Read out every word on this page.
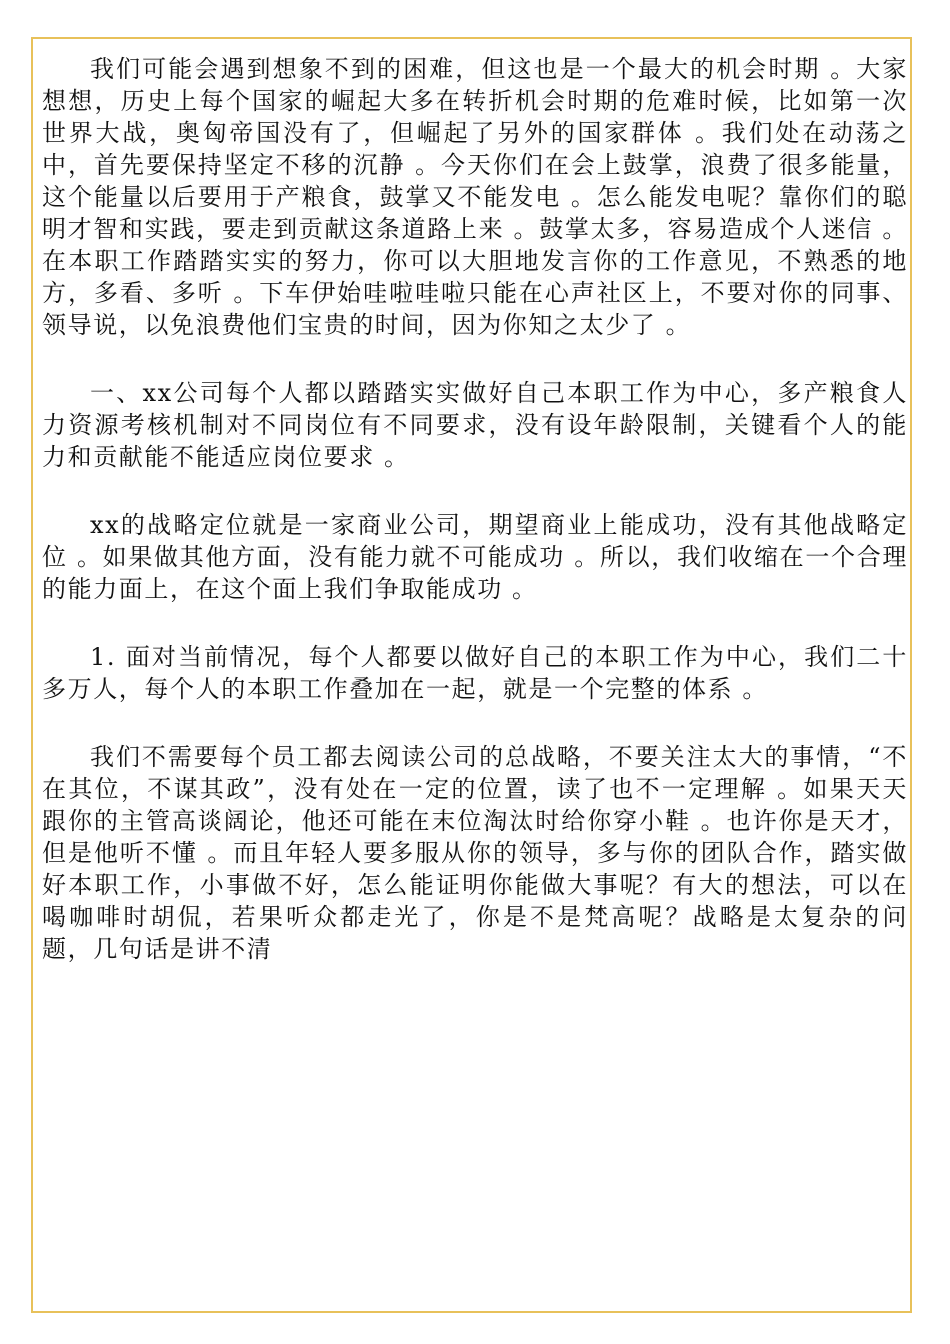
我们可能会遇到想象不到的困难，但这也是一个最大的机会时期 。大家想想，历史上每个国家的崛起大多在转折机会时期的危难时候，比如第一次世界大战，奥匈帝国没有了，但崛起了另外的国家群体 。我们处在动荡之中，首先要保持坚定不移的沉静 。今天你们在会上鼓掌，浪费了很多能量，这个能量以后要用于产粮食，鼓掌又不能发电 。怎么能发电呢？靠你们的聪明才智和实践，要走到贡献这条道路上来 。鼓掌太多，容易造成个人迷信 。在本职工作踏踏实实的努力，你可以大胆地发言你的工作意见，不熟悉的地方，多看、多听 。下车伊始哇啦哇啦只能在心声社区上，不要对你的同事、领导说，以免浪费他们宝贵的时间，因为你知之太少了 。

一、xx公司每个人都以踏踏实实做好自己本职工作为中心，多产粮食人力资源考核机制对不同岗位有不同要求，没有设年龄限制，关键看个人的能力和贡献能不能适应岗位要求 。

xx的战略定位就是一家商业公司，期望商业上能成功，没有其他战略定位 。如果做其他方面，没有能力就不可能成功 。所以，我们收缩在一个合理的能力面上，在这个面上我们争取能成功 。

1. 面对当前情况，每个人都要以做好自己的本职工作为中心，我们二十多万人，每个人的本职工作叠加在一起，就是一个完整的体系 。

我们不需要每个员工都去阅读公司的总战略，不要关注太大的事情，“不在其位，不谋其政”，没有处在一定的位置，读了也不一定理解 。如果天天跟你的主管高谈阔论，他还可能在末位淘汰时给你穿小鞋 。也许你是天才，但是他听不懂 。而且年轻人要多服从你的领导，多与你的团队合作，踏实做好本职工作，小事做不好，怎么能证明你能做大事呢？有大的想法，可以在喝咖啡时胡侃，若果听众都走光了，你是不是梵高呢？战略是太复杂的问题，几句话是讲不清
